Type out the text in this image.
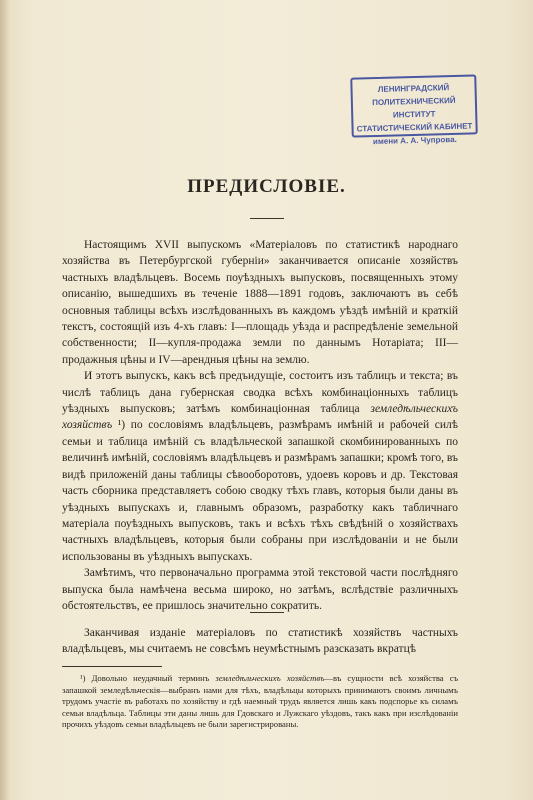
ЛЕНИНГРАДСКИЙ
ПОЛИТЕХНИЧЕСКИЙ ИНСТИТУТ
СТАТИСТИЧЕСКИЙ КАБИНЕТ
имени А. А. Чупрова.
ПРЕДИСЛОВІЕ.

Настоящимъ XVII выпускомъ «Матеріаловъ по статистикѣ народнаго хозяйства въ Петербургской губерніи» заканчивается описаніе хозяйствъ частныхъ владѣльцевъ. Восемь поуѣздныхъ выпусковъ, посвященныхъ этому описанію, вышедшихъ въ теченіе 1888—1891 годовъ, заключаютъ въ себѣ основныя таблицы всѣхъ изслѣдованныхъ въ каждомъ уѣздѣ имѣній и краткій текстъ, состоящій изъ 4-хъ главъ: I—площадь уѣзда и распредѣленіе земельной собственности; II—купля-продажа земли по даннымъ Нотаріата; III—продажныя цѣны и IV—арендныя цѣны на землю.

И этотъ выпускъ, какъ всѣ предъидущіе, состоитъ изъ таблицъ и текста; въ числѣ таблицъ дана губернская сводка всѣхъ комбинаціонныхъ таблицъ уѣздныхъ выпусковъ; затѣмъ комбинаціонная таблица земледѣльческихъ хозяйствъ ¹) по сословіямъ владѣльцевъ, размѣрамъ имѣній и рабочей силѣ семьи и таблица имѣній съ владѣльческой запашкой скомбинированныхъ по величинѣ имѣній, сословіямъ владѣльцевъ и размѣрамъ запашки; кромѣ того, въ видѣ приложеній даны таблицы сѣвооборотовъ, удоевъ коровъ и др. Текстовая часть сборника представляетъ собою сводку тѣхъ главъ, которыя были даны въ уѣздныхъ выпускахъ и, главнымъ образомъ, разработку какъ табличнаго матеріала поуѣздныхъ выпусковъ, такъ и всѣхъ тѣхъ свѣдѣній о хозяйствахъ частныхъ владѣльцевъ, которыя были собраны при изслѣдованіи и не были использованы въ уѣздныхъ выпускахъ.

Замѣтимъ, что первоначально программа этой текстовой части послѣдняго выпуска была намѣчена весьма широко, но затѣмъ, вслѣдствіе различныхъ обстоятельствъ, ее пришлось значительно сократить.

Заканчивая изданіе матеріаловъ по статистикѣ хозяйствъ частныхъ владѣльцевъ, мы считаемъ не совсѣмъ неумѣстнымъ разсказать вкратцѣ

¹) Довольно неудачный терминъ земледѣльческихъ хозяйствъ—въ сущности всѣ хозяйства съ запашкой земледѣльческія—выбранъ нами для тѣхъ, владѣльцы которыхъ принимаютъ своимъ личнымъ трудомъ участіе въ работахъ по хозяйству и гдѣ наемный трудъ является лишь какъ подспорье къ силамъ семьи владѣльца. Таблицы эти даны лишь для Гдовскаго и Лужскаго уѣздовъ, такъ какъ при изслѣдованіи прочихъ уѣздовъ семьи владѣльцевъ не были зарегистрированы.
